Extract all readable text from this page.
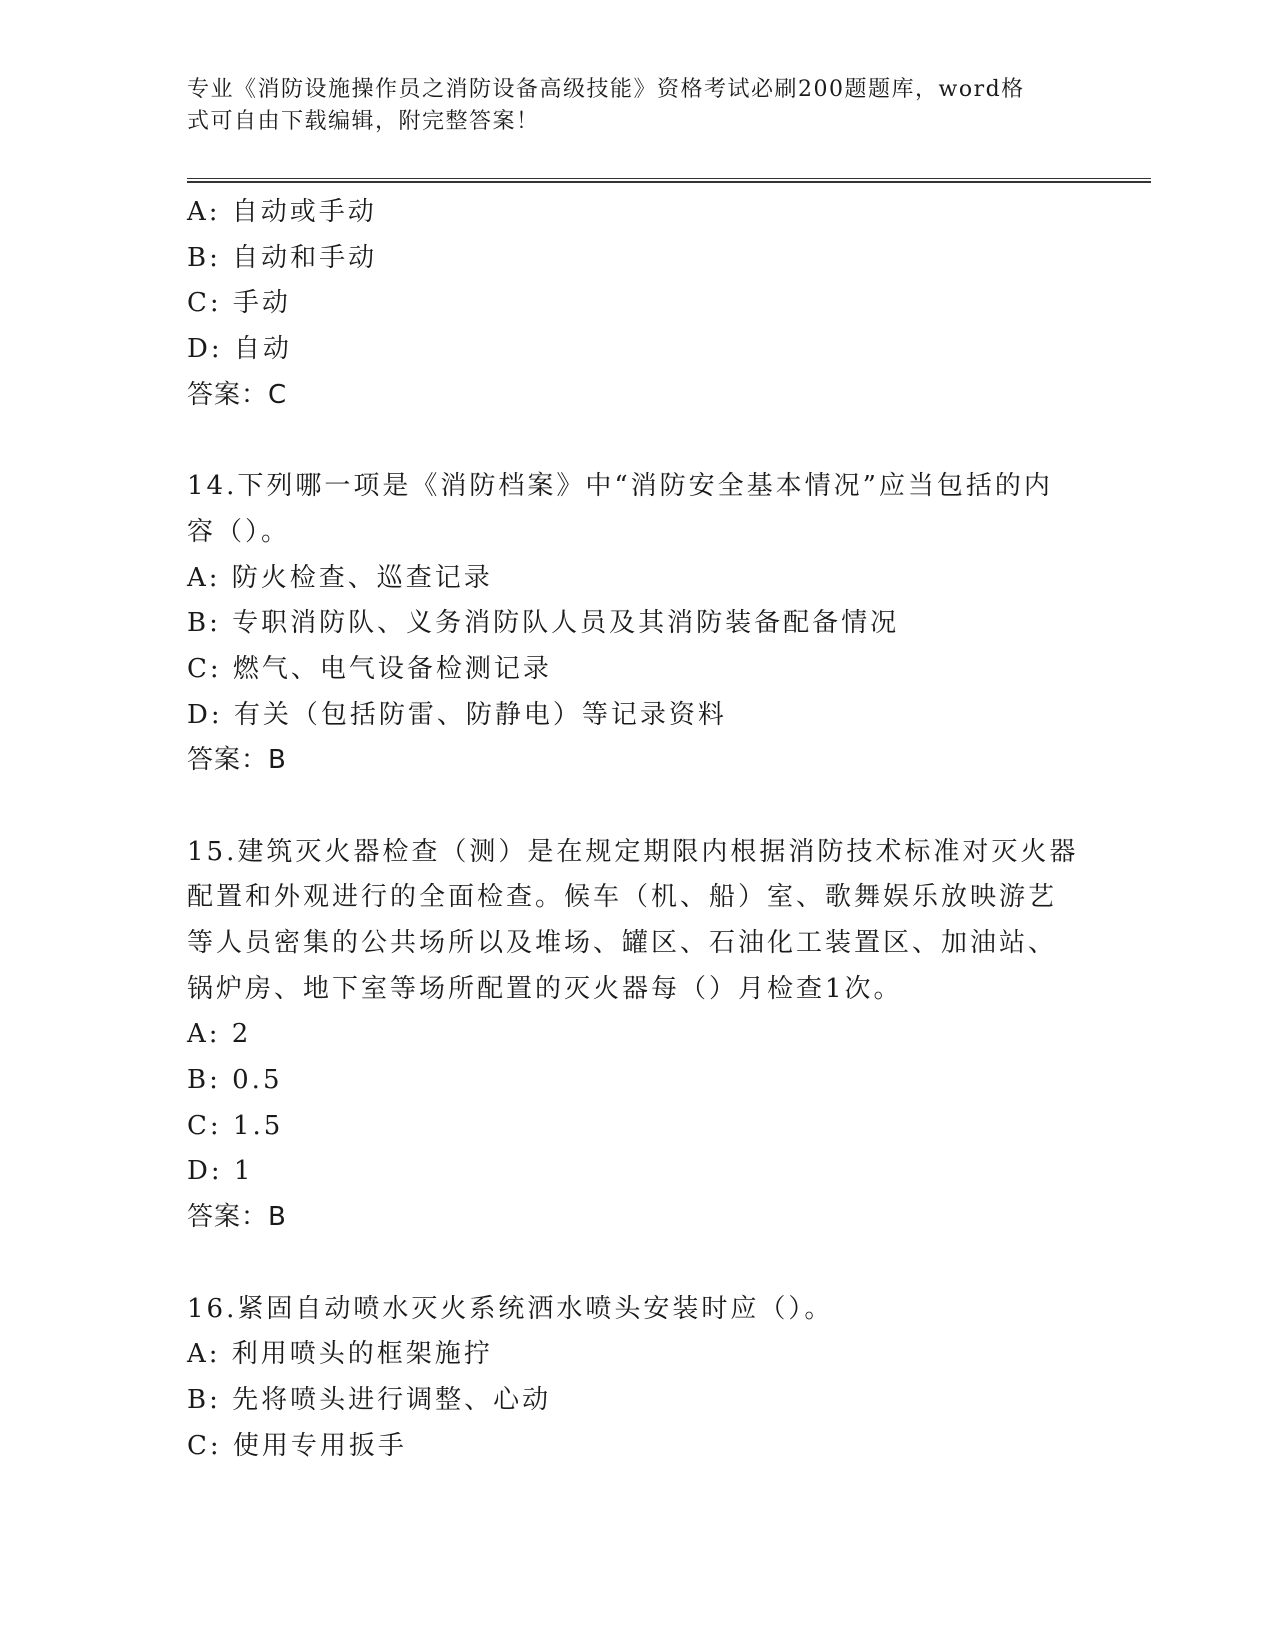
专业《消防设施操作员之消防设备高级技能》资格考试必刷200题题库，word格
式可自由下载编辑，附完整答案！
A: 自动或手动
B: 自动和手动
C: 手动
D: 自动
答案：C
14.下列哪一项是《消防档案》中“消防安全基本情况”应当包括的内
容（）。
A: 防火检查、巡查记录
B: 专职消防队、义务消防队人员及其消防装备配备情况
C: 燃气、电气设备检测记录
D: 有关（包括防雷、防静电）等记录资料
答案：B
15.建筑灭火器检查（测）是在规定期限内根据消防技术标准对灭火器
配置和外观进行的全面检查。候车（机、船）室、歌舞娱乐放映游艺
等人员密集的公共场所以及堆场、罐区、石油化工装置区、加油站、
锅炉房、地下室等场所配置的灭火器每（）月检查1次。
A: 2
B: 0.5
C: 1.5
D: 1
答案：B
16.紧固自动喷水灭火系统洒水喷头安装时应（）。
A: 利用喷头的框架施拧
B: 先将喷头进行调整、心动
C: 使用专用扳手
